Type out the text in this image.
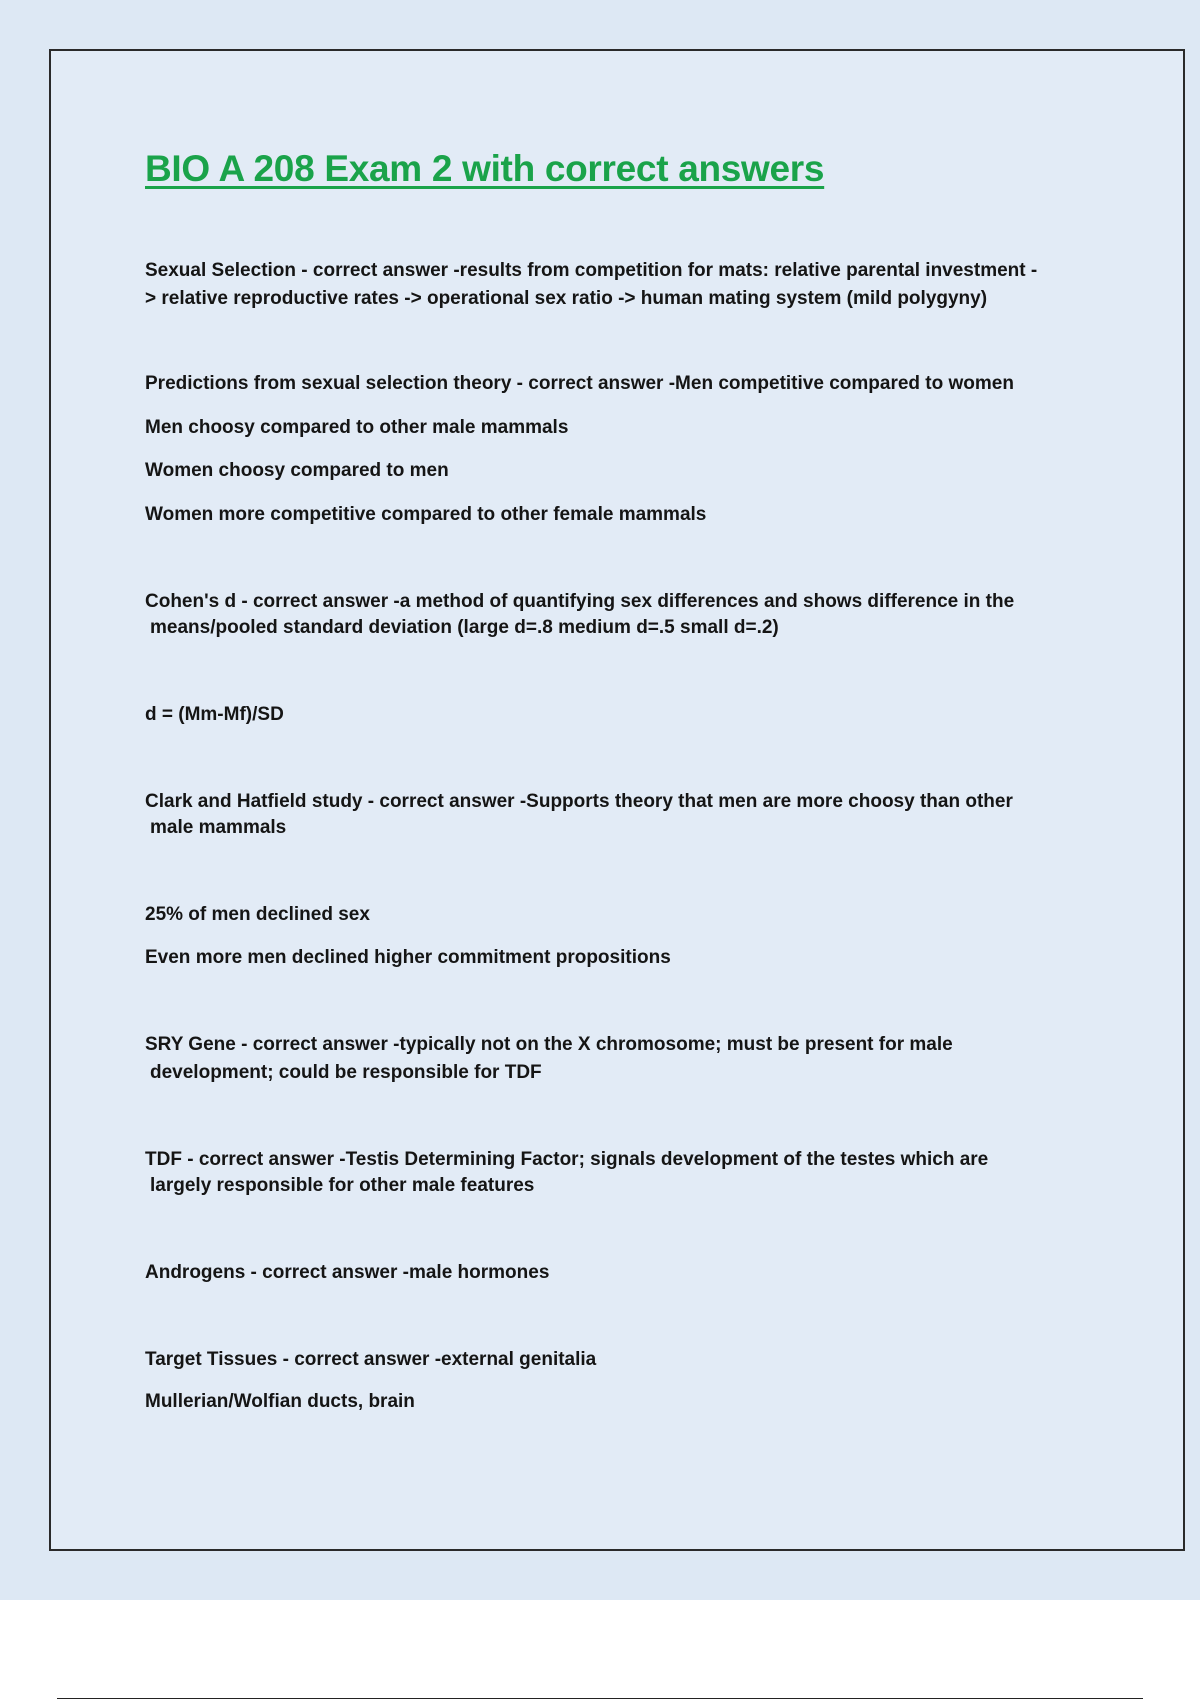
BIO A 208 Exam 2 with correct answers

Sexual Selection - correct answer -results from competition for mats: relative parental investment -

> relative reproductive rates -> operational sex ratio -> human mating system (mild polygyny)

Predictions from sexual selection theory - correct answer -Men competitive compared to women

Men choosy compared to other male mammals

Women choosy compared to men

Women more competitive compared to other female mammals

Cohen's d - correct answer -a method of quantifying sex differences and shows difference in the

means/pooled standard deviation (large d=.8 medium d=.5 small d=.2)

d = (Mm-Mf)/SD

Clark and Hatfield study - correct answer -Supports theory that men are more choosy than other

male mammals

25% of men declined sex

Even more men declined higher commitment propositions

SRY Gene - correct answer -typically not on the X chromosome; must be present for male

development; could be responsible for TDF

TDF - correct answer -Testis Determining Factor; signals development of the testes which are

largely responsible for other male features

Androgens - correct answer -male hormones

Target Tissues - correct answer -external genitalia

Mullerian/Wolfian ducts, brain
